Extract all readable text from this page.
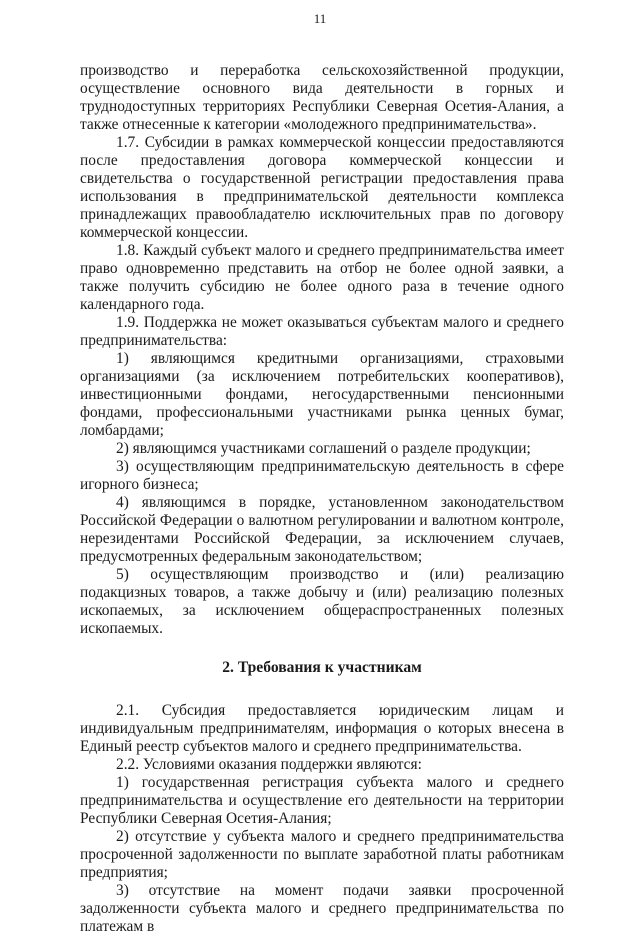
11

производство и переработка сельскохозяйственной продукции, осуществление основного вида деятельности в горных и труднодоступных территориях Республики Северная Осетия-Алания, а также отнесенные к категории «молодежного предпринимательства».

1.7. Субсидии в рамках коммерческой концессии предоставляются после предоставления договора коммерческой концессии и свидетельства о государственной регистрации предоставления права использования в предпринимательской деятельности комплекса принадлежащих правообладателю исключительных прав по договору коммерческой концессии.

1.8. Каждый субъект малого и среднего предпринимательства имеет право одновременно представить на отбор не более одной заявки, а также получить субсидию не более одного раза в течение одного календарного года.

1.9. Поддержка не может оказываться субъектам малого и среднего предпринимательства:

1) являющимся кредитными организациями, страховыми организациями (за исключением потребительских кооперативов), инвестиционными фондами, негосударственными пенсионными фондами, профессиональными участниками рынка ценных бумаг, ломбардами;

2) являющимся участниками соглашений о разделе продукции;

3) осуществляющим предпринимательскую деятельность в сфере игорного бизнеса;

4) являющимся в порядке, установленном законодательством Российской Федерации о валютном регулировании и валютном контроле, нерезидентами Российской Федерации, за исключением случаев, предусмотренных федеральным законодательством;

5) осуществляющим производство и (или) реализацию подакцизных товаров, а также добычу и (или) реализацию полезных ископаемых, за исключением общераспространенных полезных ископаемых.

2. Требования к участникам

2.1. Субсидия предоставляется юридическим лицам и индивидуальным предпринимателям, информация о которых внесена в Единый реестр субъектов малого и среднего предпринимательства.

2.2. Условиями оказания поддержки являются:

1) государственная регистрация субъекта малого и среднего предпринимательства и осуществление его деятельности на территории Республики Северная Осетия-Алания;

2) отсутствие у субъекта малого и среднего предпринимательства просроченной задолженности по выплате заработной платы работникам предприятия;

3) отсутствие на момент подачи заявки просроченной задолженности субъекта малого и среднего предпринимательства по платежам в
